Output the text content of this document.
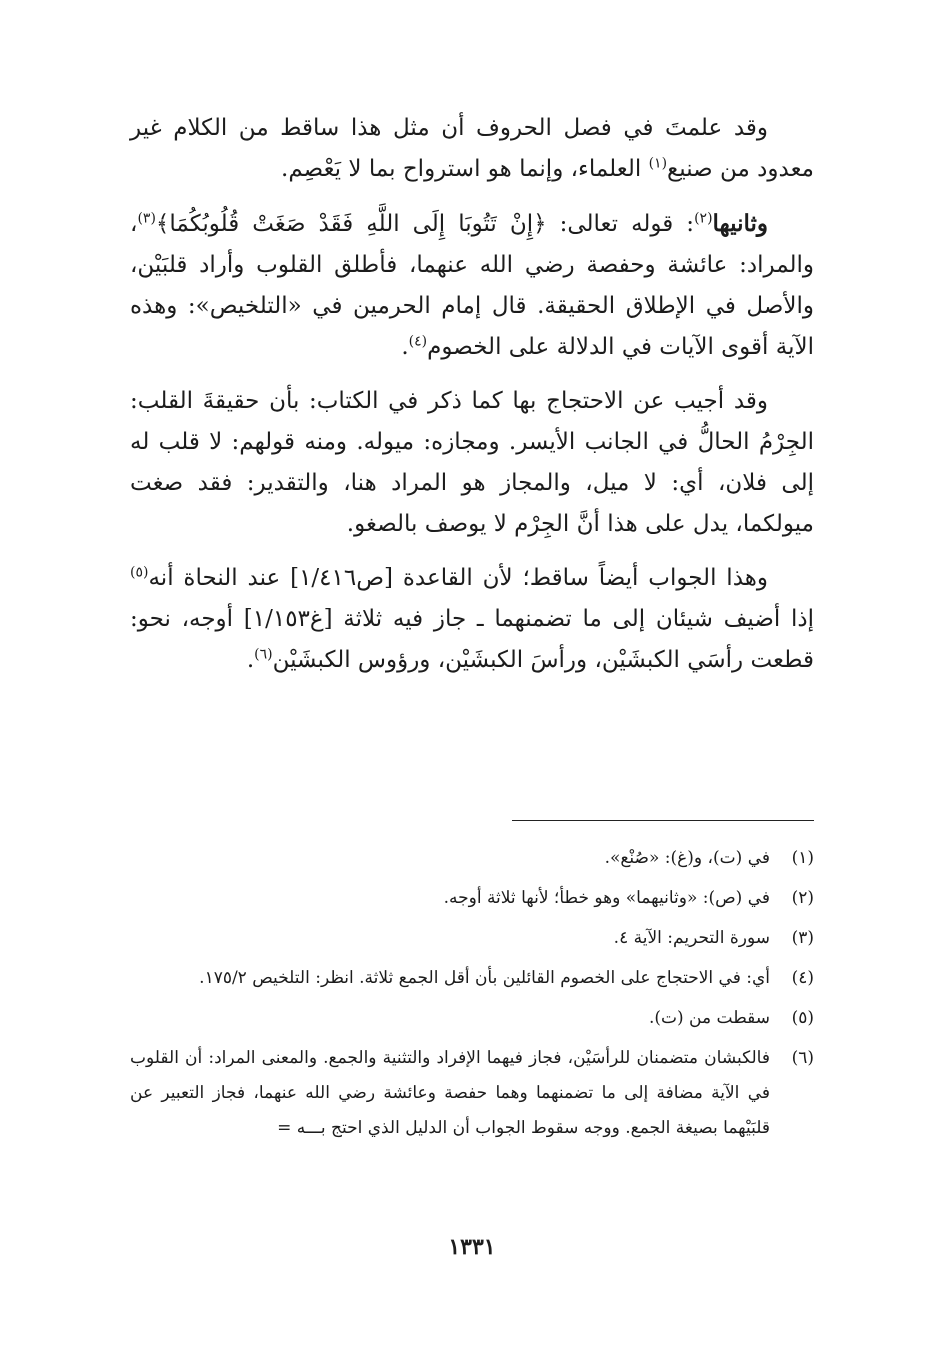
وقد علمتَ في فصل الحروف أن مثل هذا ساقط من الكلام غير معدود من صنيع$^{(١)}$ العلماء، وإنما هو استرواح بما لا يَعْصِم.

وثانيها$^{(٢)}$: قوله تعالى: ﴿إِنْ تَتُوبَا إِلَى اللَّهِ فَقَدْ صَغَتْ قُلُوبُكُمَا﴾$^{(٣)}$، والمراد: عائشة وحفصة رضي الله عنهما، فأطلق القلوب وأراد قلبَيْن، والأصل في الإطلاق الحقيقة. قال إمام الحرمين في «التلخيص»: وهذه الآية أقوى الآيات في الدلالة على الخصوم$^{(٤)}$.

وقد أجيب عن الاحتجاج بها كما ذكر في الكتاب: بأن حقيقةَ القلب: الجِرْمُ الحالُّ في الجانب الأيسر. ومجازه: ميوله. ومنه قولهم: لا قلب له إلى فلان، أي: لا ميل، والمجاز هو المراد هنا، والتقدير: فقد صغت ميولكما، يدل على هذا أنَّ الجِرْم لا يوصف بالصغو.

وهذا الجواب أيضاً ساقط؛ لأن القاعدة [ص١/٤١٦] عند النحاة أنه$^{(٥)}$ إذا أضيف شيئان إلى ما تضمنهما ـ جاز فيه ثلاثة [غ١/١٥٣] أوجه، نحو: قطعت رأسَي الكبشَيْن، ورأسَ الكبشَيْن، ورؤوس الكبشَيْن$^{(٦)}$.

(١)
في (ت)، و(غ): «صُنْع».
(٢)
في (ص): «وثانيهما» وهو خطأ؛ لأنها ثلاثة أوجه.
(٣)
سورة التحريم: الآية ٤.
(٤)
أي: في الاحتجاج على الخصوم القائلين بأن أقل الجمع ثلاثة. انظر: التلخيص ١٧٥/٢.
(٥)
سقطت من (ت).
(٦)
فالكبشان متضمنان للرأسَيْن، فجاز فيهما الإفراد والتثنية والجمع. والمعنى المراد: أن القلوب في الآية مضافة إلى ما تضمنهما وهما حفصة وعائشة رضي الله عنهما، فجاز التعبير عن قلبَيْهما بصيغة الجمع. ووجه سقوط الجواب أن الدليل الذي احتج بـــه =
١٣٣١
